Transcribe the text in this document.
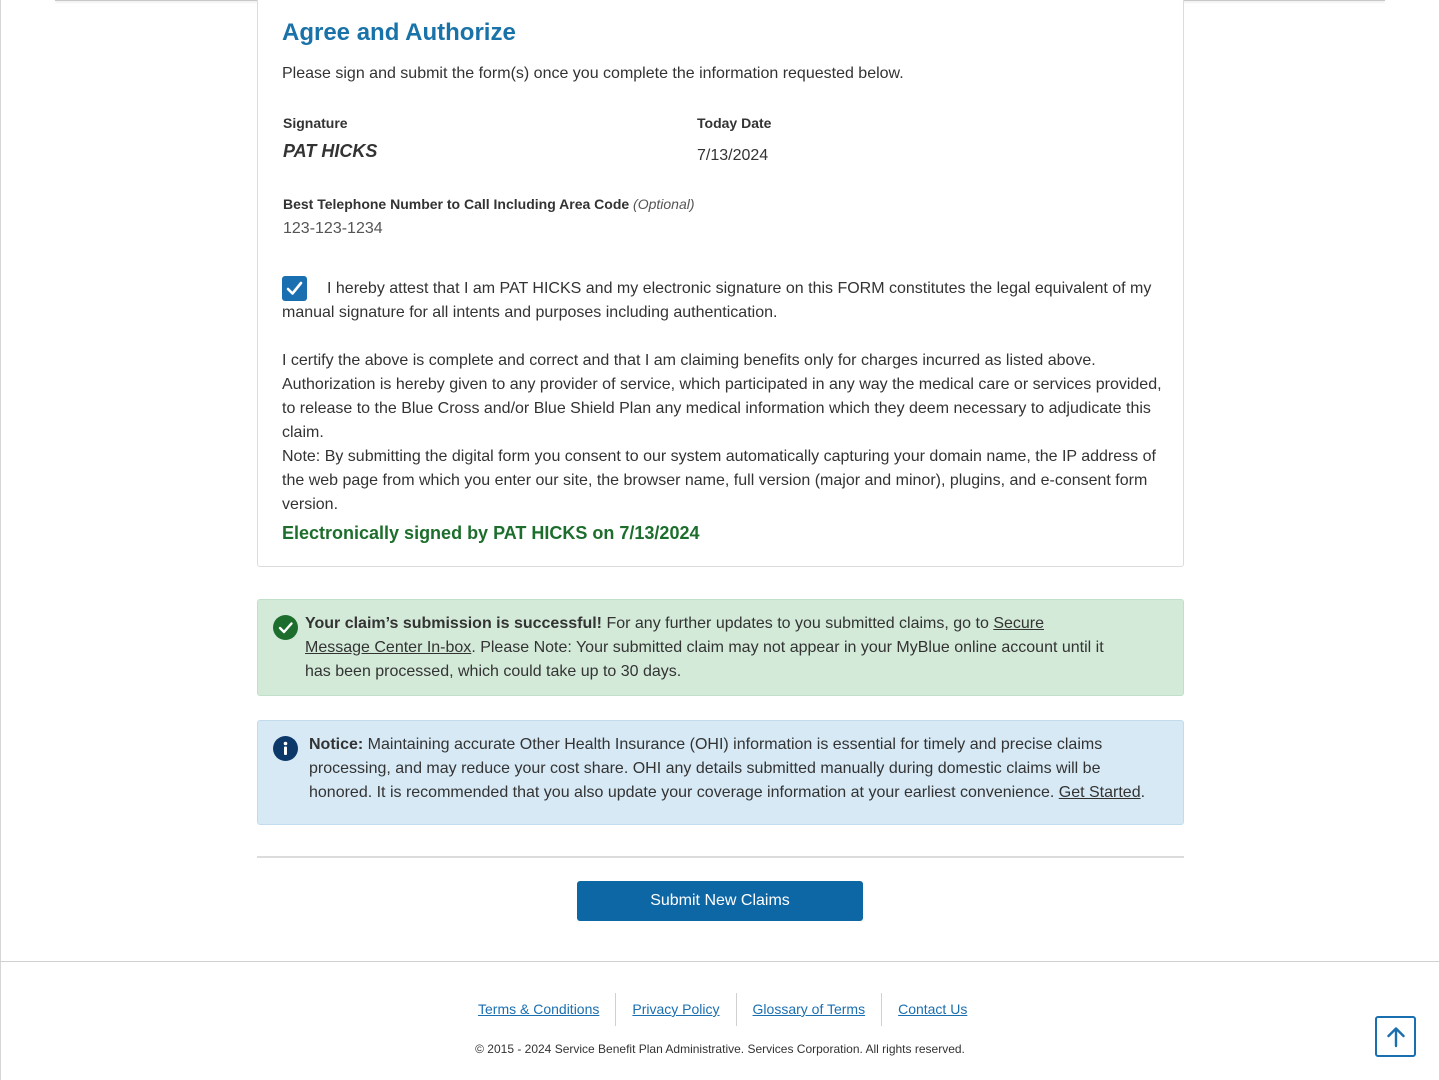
Agree and Authorize

Please sign and submit the form(s) once you complete the information requested below.

Signature
PAT HICKS
Today Date
7/13/2024
Best Telephone Number to Call Including Area Code (Optional)
123-123-1234

I hereby attest that I am PAT HICKS and my electronic signature on this FORM constitutes the legal equivalent of my manual signature for all intents and purposes including authentication.

I certify the above is complete and correct and that I am claiming benefits only for charges incurred as listed above. Authorization is hereby given to any provider of service, which participated in any way the medical care or services provided, to release to the Blue Cross and/or Blue Shield Plan any medical information which they deem necessary to adjudicate this claim.

Note: By submitting the digital form you consent to our system automatically capturing your domain name, the IP address of the web page from which you enter our site, the browser name, full version (major and minor), plugins, and e-consent form version.

Electronically signed by PAT HICKS on 7/13/2024
Your claim’s submission is successful! For any further updates to you submitted claims, go to Secure Message Center In-box. Please Note: Your submitted claim may not appear in your MyBlue online account until it has been processed, which could take up to 30 days.
Notice: Maintaining accurate Other Health Insurance (OHI) information is essential for timely and precise claims processing, and may reduce your cost share. OHI any details submitted manually during domestic claims will be honored. It is recommended that you also update your coverage information at your earliest convenience. Get Started.
Submit New Claims
Terms & Conditions	Privacy Policy	Glossary of Terms	Contact Us
© 2015 - 2024 Service Benefit Plan Administrative. Services Corporation. All rights reserved.
